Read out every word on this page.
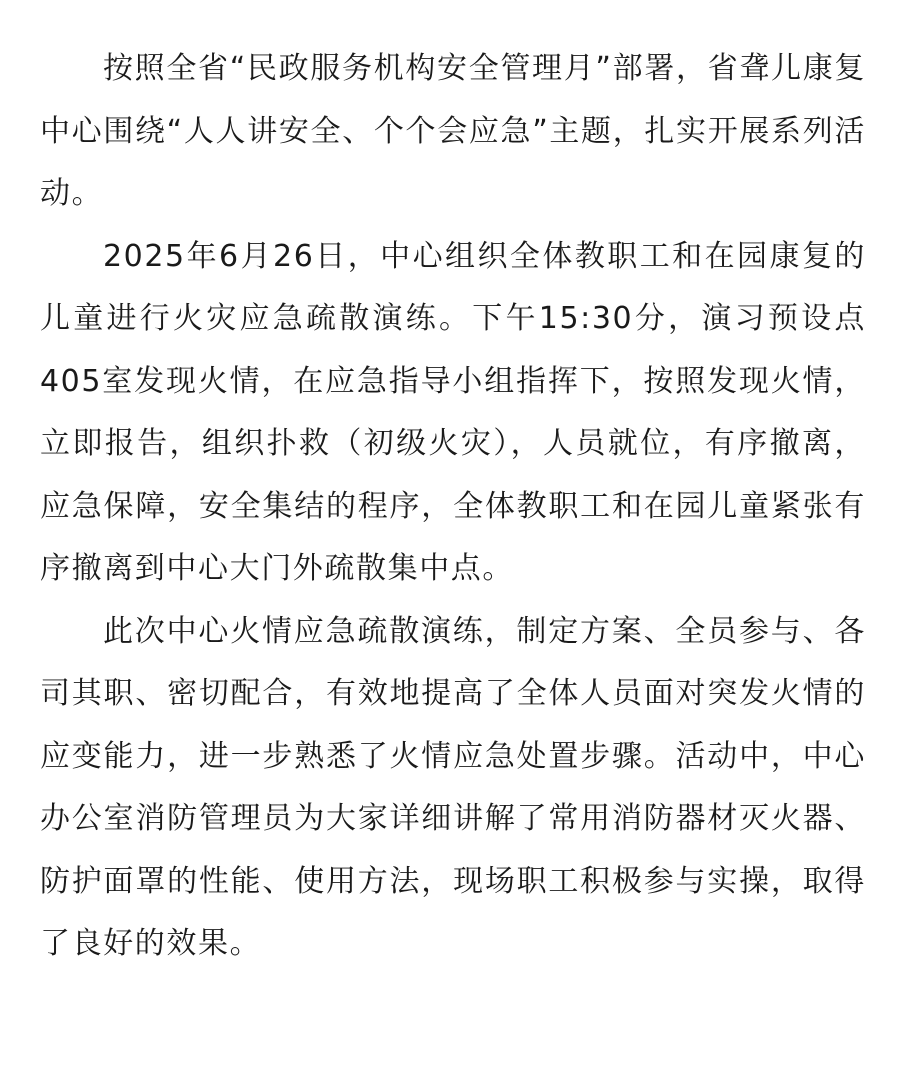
按照全省“民政服务机构安全管理月”部署，省聋儿康复中心围绕“人人讲安全、个个会应急”主题，扎实开展系列活动。

2025年6月26日，中心组织全体教职工和在园康复的儿童进行火灾应急疏散演练。下午15:30分，演习预设点405室发现火情，在应急指导小组指挥下，按照发现火情，立即报告，组织扑救（初级火灾），人员就位，有序撤离，应急保障，安全集结的程序，全体教职工和在园儿童紧张有序撤离到中心大门外疏散集中点。

此次中心火情应急疏散演练，制定方案、全员参与、各司其职、密切配合，有效地提高了全体人员面对突发火情的应变能力，进一步熟悉了火情应急处置步骤。活动中，中心办公室消防管理员为大家详细讲解了常用消防器材灭火器、防护面罩的性能、使用方法，现场职工积极参与实操，取得了良好的效果。
